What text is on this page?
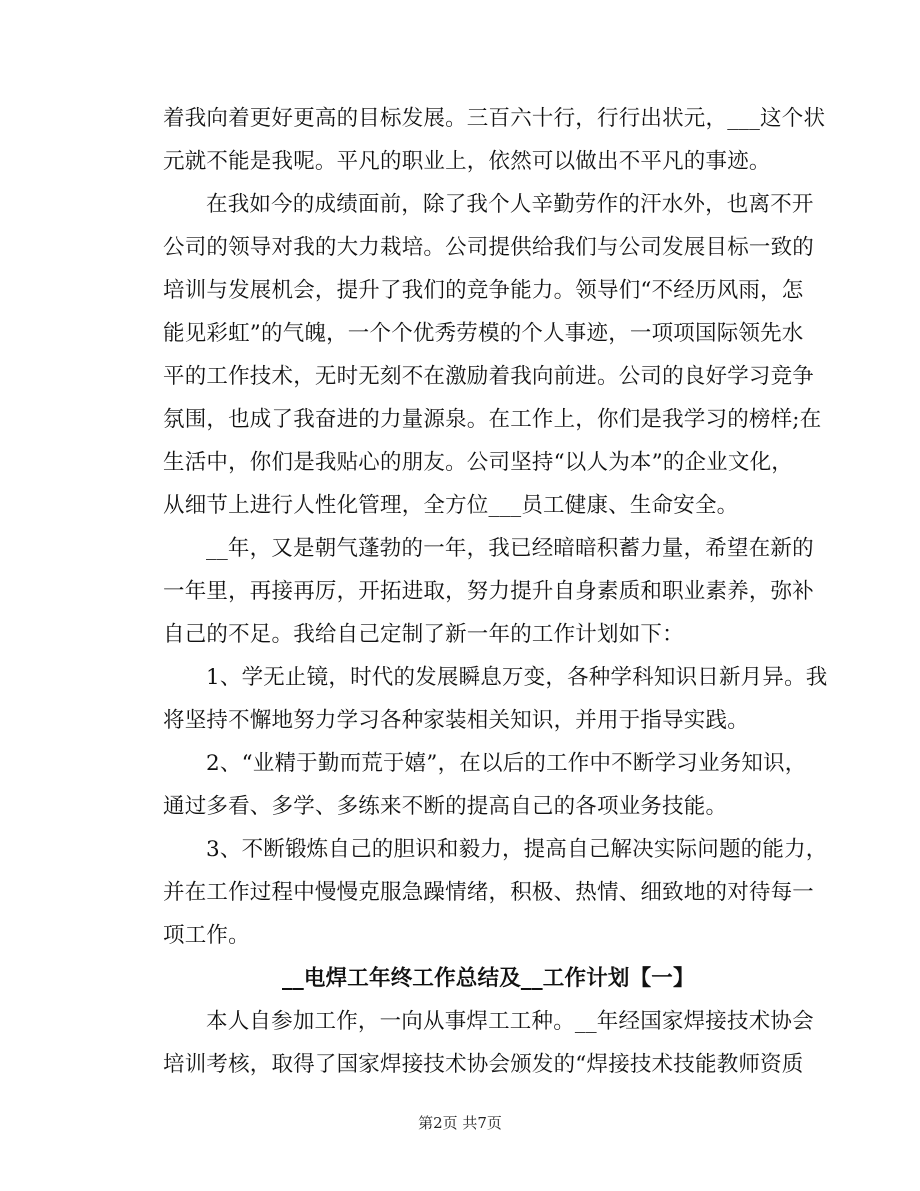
着我向着更好更高的目标发展。三百六十行，行行出状元，___这个状
元就不能是我呢。平凡的职业上，依然可以做出不平凡的事迹。
在我如今的成绩面前，除了我个人辛勤劳作的汗水外，也离不开
公司的领导对我的大力栽培。公司提供给我们与公司发展目标一致的
培训与发展机会，提升了我们的竞争能力。领导们“不经历风雨，怎
能见彩虹”的气魄，一个个优秀劳模的个人事迹，一项项国际领先水
平的工作技术，无时无刻不在激励着我向前进。公司的良好学习竞争
氛围，也成了我奋进的力量源泉。在工作上，你们是我学习的榜样;在
生活中，你们是我贴心的朋友。公司坚持“以人为本”的企业文化，
从细节上进行人性化管理，全方位___员工健康、生命安全。
__年，又是朝气蓬勃的一年，我已经暗暗积蓄力量，希望在新的
一年里，再接再厉，开拓进取，努力提升自身素质和职业素养，弥补
自己的不足。我给自己定制了新一年的工作计划如下：
1、学无止镜，时代的发展瞬息万变，各种学科知识日新月异。我
将坚持不懈地努力学习各种家装相关知识，并用于指导实践。
2、“业精于勤而荒于嬉”，在以后的工作中不断学习业务知识，
通过多看、多学、多练来不断的提高自己的各项业务技能。
3、不断锻炼自己的胆识和毅力，提高自己解决实际问题的能力，
并在工作过程中慢慢克服急躁情绪，积极、热情、细致地的对待每一
项工作。
__电焊工年终工作总结及__工作计划【一】
本人自参加工作，一向从事焊工工种。__年经国家焊接技术协会
培训考核，取得了国家焊接技术协会颁发的“焊接技术技能教师资质
第2页 共7页
